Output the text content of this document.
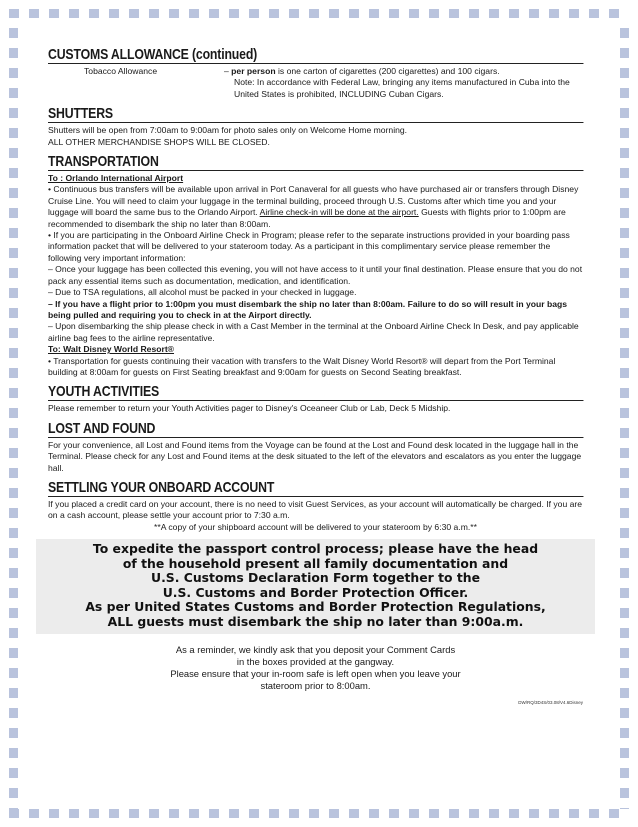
CUSTOMS ALLOWANCE (continued)
Tobacco Allowance	– per person is one carton of cigarettes (200 cigarettes) and 100 cigars.
Note: In accordance with Federal Law, bringing any items manufactured in Cuba into the United States is prohibited, INCLUDING Cuban Cigars.
SHUTTERS

Shutters will be open from 7:00am to 9:00am for photo sales only on Welcome Home morning.

ALL OTHER MERCHANDISE SHOPS WILL BE CLOSED.

TRANSPORTATION

To : Orlando International Airport

• Continuous bus transfers will be available upon arrival in Port Canaveral for all guests who have purchased air or transfers through Disney Cruise Line. You will need to claim your luggage in the terminal building, proceed through U.S. Customs after which time you and your luggage will board the same bus to the Orlando Airport. Airline check-in will be done at the airport. Guests with flights prior to 1:00pm are recommended to disembark the ship no later than 8:00am.

• If you are participating in the Onboard Airline Check in Program; please refer to the separate instructions provided in your boarding pass information packet that will be delivered to your stateroom today. As a participant in this complimentary service please remember the following very important information:

– Once your luggage has been collected this evening, you will not have access to it until your final destination. Please ensure that you do not pack any essential items such as documentation, medication, and identification.

– Due to TSA regulations, all alcohol must be packed in your checked in luggage.

– If you have a flight prior to 1:00pm you must disembark the ship no later than 8:00am. Failure to do so will result in your bags being pulled and requiring you to check in at the Airport directly.

– Upon disembarking the ship please check in with a Cast Member in the terminal at the Onboard Airline Check In Desk, and pay applicable airline bag fees to the airline representative.

To: Walt Disney World Resort®

• Transportation for guests continuing their vacation with transfers to the Walt Disney World Resort® will depart from the Port Terminal building at 8:00am for guests on First Seating breakfast and 9:00am for guests on Second Seating breakfast.

YOUTH ACTIVITIES

Please remember to return your Youth Activities pager to Disney's Oceaneer Club or Lab, Deck 5 Midship.

LOST AND FOUND

For your convenience, all Lost and Found items from the Voyage can be found at the Lost and Found desk located in the luggage hall in the Terminal. Please check for any Lost and Found items at the desk situated to the left of the elevators and escalators as you enter the luggage hall.

SETTLING YOUR ONBOARD ACCOUNT

If you placed a credit card on your account, there is no need to visit Guest Services, as your account will automatically be charged. If you are on a cash account, please settle your account prior to 7:30 a.m.

**A copy of your shipboard account will be delivered to your stateroom by 6:30 a.m.**

To expedite the passport control process; please have the head
of the household present all family documentation and
U.S. Customs Declaration Form together to the
U.S. Customs and Border Protection Officer.
As per United States Customs and Border Protection Regulations,
ALL guests must disembark the ship no later than 9:00a.m.
As a reminder, we kindly ask that you deposit your Comment Cards
in the boxes provided at the gangway.
Please ensure that your in-room safe is left open when you leave your
stateroom prior to 8:00am.
DW/RQ/3D4S/03.08/V4.6Disney
